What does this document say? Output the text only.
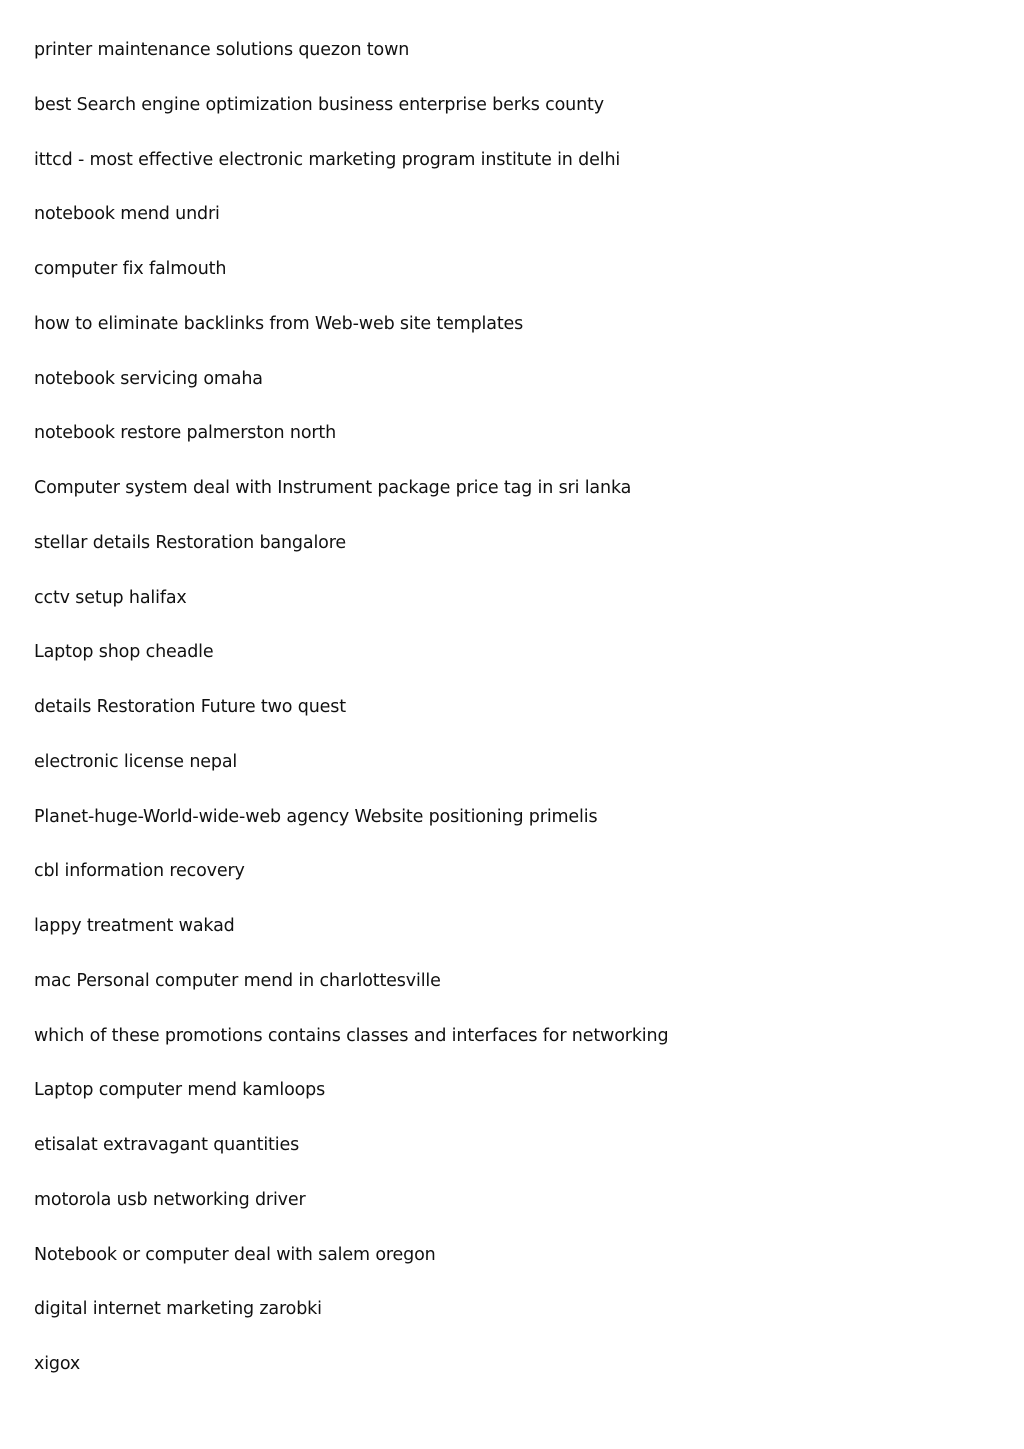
printer maintenance solutions quezon town
best Search engine optimization business enterprise berks county
ittcd - most effective electronic marketing program institute in delhi
notebook mend undri
computer fix falmouth
how to eliminate backlinks from Web-web site templates
notebook servicing omaha
notebook restore palmerston north
Computer system deal with Instrument package price tag in sri lanka
stellar details Restoration bangalore
cctv setup halifax
Laptop shop cheadle
details Restoration Future two quest
electronic license nepal
Planet-huge-World-wide-web agency Website positioning primelis
cbl information recovery
lappy treatment wakad
mac Personal computer mend in charlottesville
which of these promotions contains classes and interfaces for networking
Laptop computer mend kamloops
etisalat extravagant quantities
motorola usb networking driver
Notebook or computer deal with salem oregon
digital internet marketing zarobki
xigox
